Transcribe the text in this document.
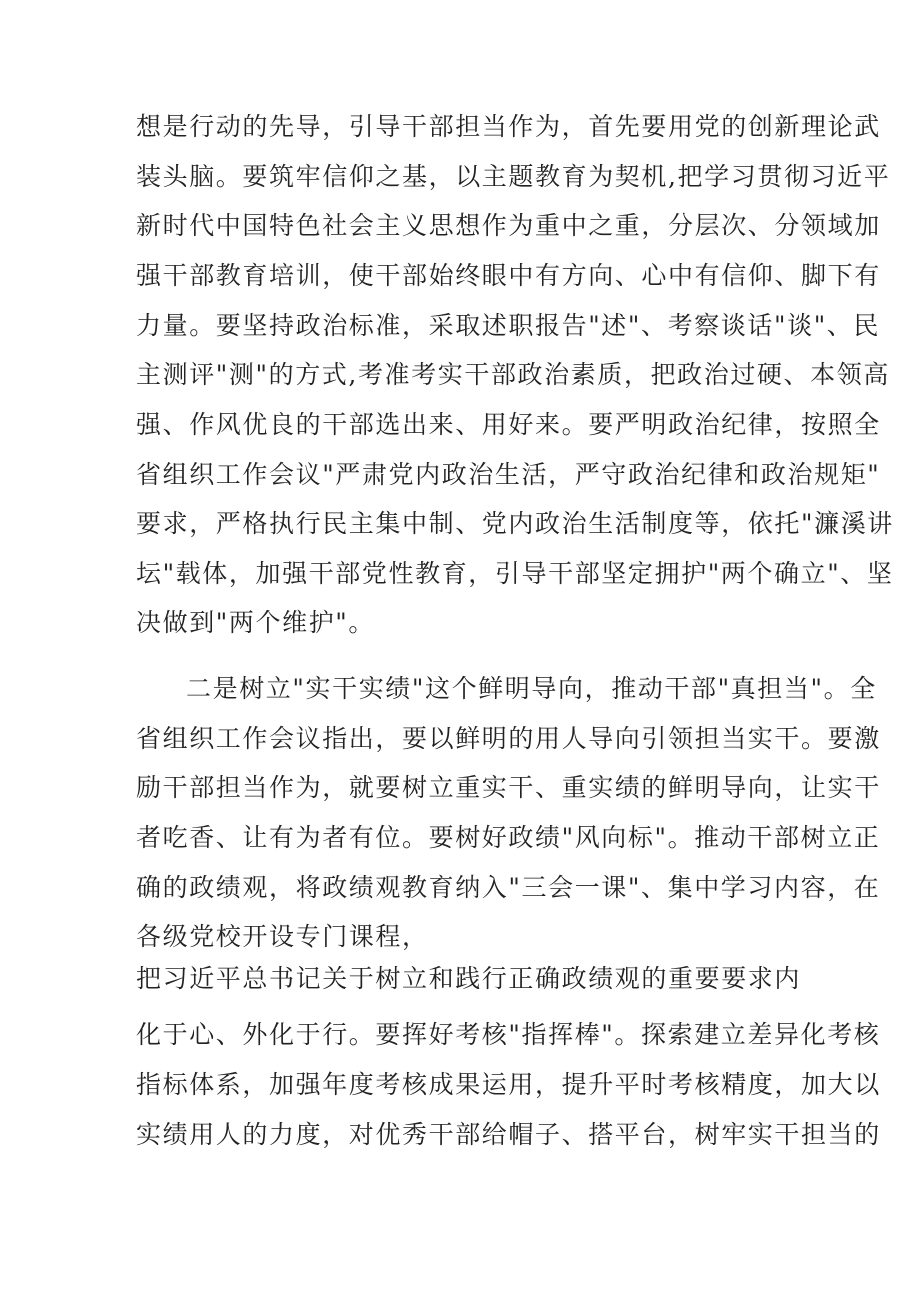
想是行动的先导，引导干部担当作为，首先要用党的创新理论武
装头脑。要筑牢信仰之基，以主题教育为契机,把学习贯彻习近平
新时代中国特色社会主义思想作为重中之重，分层次、分领域加
强干部教育培训，使干部始终眼中有方向、心中有信仰、脚下有
力量。要坚持政治标准，采取述职报告"述"、考察谈话"谈"、民
主测评"测"的方式,考准考实干部政治素质，把政治过硬、本领高
强、作风优良的干部选出来、用好来。要严明政治纪律，按照全
省组织工作会议"严肃党内政治生活，严守政治纪律和政治规矩"
要求，严格执行民主集中制、党内政治生活制度等，依托"濂溪讲
坛"载体，加强干部党性教育，引导干部坚定拥护"两个确立"、坚
决做到"两个维护"。
二是树立"实干实绩"这个鲜明导向，推动干部"真担当"。全
省组织工作会议指出，要以鲜明的用人导向引领担当实干。要激
励干部担当作为，就要树立重实干、重实绩的鲜明导向，让实干
者吃香、让有为者有位。要树好政绩"风向标"。推动干部树立正
确的政绩观，将政绩观教育纳入"三会一课"、集中学习内容，在
各级党校开设专门课程，
把习近平总书记关于树立和践行正确政绩观的重要要求内
化于心、外化于行。要挥好考核"指挥棒"。探索建立差异化考核
指标体系，加强年度考核成果运用，提升平时考核精度，加大以
实绩用人的力度，对优秀干部给帽子、搭平台，树牢实干担当的
